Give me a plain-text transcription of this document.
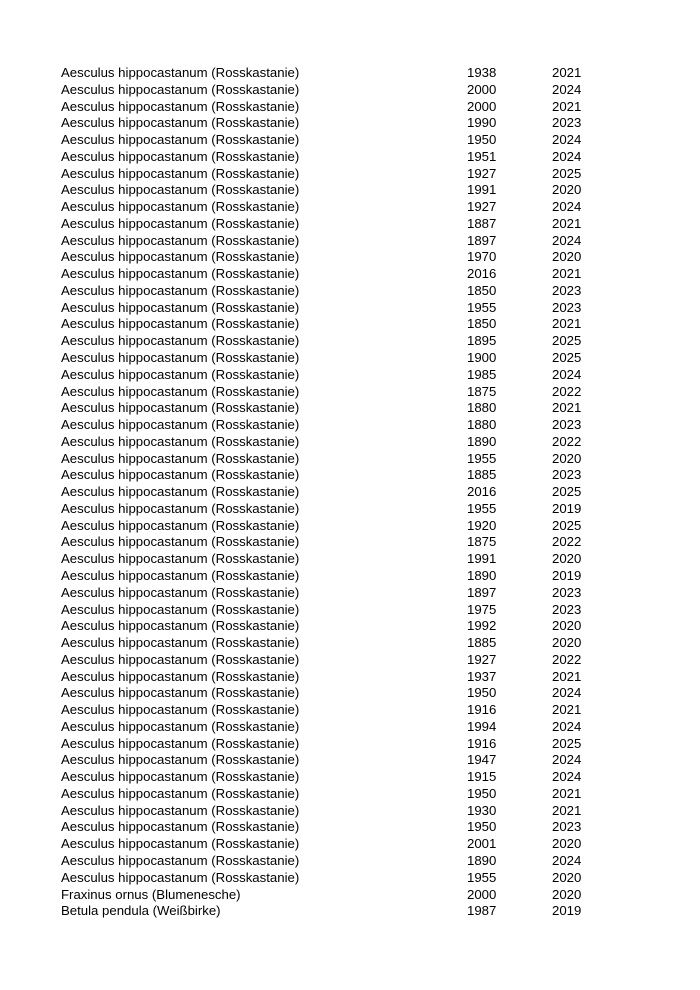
Aesculus hippocastanum (Rosskastanie)	1938	2021
Aesculus hippocastanum (Rosskastanie)	2000	2024
Aesculus hippocastanum (Rosskastanie)	2000	2021
Aesculus hippocastanum (Rosskastanie)	1990	2023
Aesculus hippocastanum (Rosskastanie)	1950	2024
Aesculus hippocastanum (Rosskastanie)	1951	2024
Aesculus hippocastanum (Rosskastanie)	1927	2025
Aesculus hippocastanum (Rosskastanie)	1991	2020
Aesculus hippocastanum (Rosskastanie)	1927	2024
Aesculus hippocastanum (Rosskastanie)	1887	2021
Aesculus hippocastanum (Rosskastanie)	1897	2024
Aesculus hippocastanum (Rosskastanie)	1970	2020
Aesculus hippocastanum (Rosskastanie)	2016	2021
Aesculus hippocastanum (Rosskastanie)	1850	2023
Aesculus hippocastanum (Rosskastanie)	1955	2023
Aesculus hippocastanum (Rosskastanie)	1850	2021
Aesculus hippocastanum (Rosskastanie)	1895	2025
Aesculus hippocastanum (Rosskastanie)	1900	2025
Aesculus hippocastanum (Rosskastanie)	1985	2024
Aesculus hippocastanum (Rosskastanie)	1875	2022
Aesculus hippocastanum (Rosskastanie)	1880	2021
Aesculus hippocastanum (Rosskastanie)	1880	2023
Aesculus hippocastanum (Rosskastanie)	1890	2022
Aesculus hippocastanum (Rosskastanie)	1955	2020
Aesculus hippocastanum (Rosskastanie)	1885	2023
Aesculus hippocastanum (Rosskastanie)	2016	2025
Aesculus hippocastanum (Rosskastanie)	1955	2019
Aesculus hippocastanum (Rosskastanie)	1920	2025
Aesculus hippocastanum (Rosskastanie)	1875	2022
Aesculus hippocastanum (Rosskastanie)	1991	2020
Aesculus hippocastanum (Rosskastanie)	1890	2019
Aesculus hippocastanum (Rosskastanie)	1897	2023
Aesculus hippocastanum (Rosskastanie)	1975	2023
Aesculus hippocastanum (Rosskastanie)	1992	2020
Aesculus hippocastanum (Rosskastanie)	1885	2020
Aesculus hippocastanum (Rosskastanie)	1927	2022
Aesculus hippocastanum (Rosskastanie)	1937	2021
Aesculus hippocastanum (Rosskastanie)	1950	2024
Aesculus hippocastanum (Rosskastanie)	1916	2021
Aesculus hippocastanum (Rosskastanie)	1994	2024
Aesculus hippocastanum (Rosskastanie)	1916	2025
Aesculus hippocastanum (Rosskastanie)	1947	2024
Aesculus hippocastanum (Rosskastanie)	1915	2024
Aesculus hippocastanum (Rosskastanie)	1950	2021
Aesculus hippocastanum (Rosskastanie)	1930	2021
Aesculus hippocastanum (Rosskastanie)	1950	2023
Aesculus hippocastanum (Rosskastanie)	2001	2020
Aesculus hippocastanum (Rosskastanie)	1890	2024
Aesculus hippocastanum (Rosskastanie)	1955	2020
Fraxinus ornus (Blumenesche)	2000	2020
Betula pendula (Weißbirke)	1987	2019
